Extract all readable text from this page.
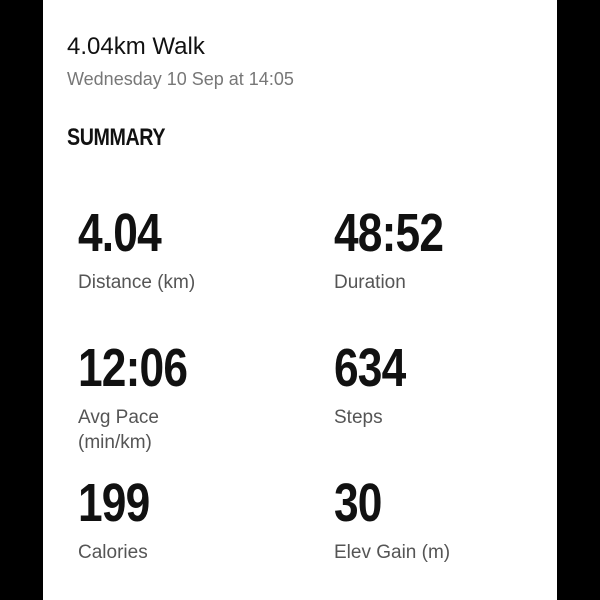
4.04km Walk
Wednesday 10 Sep at 14:05
SUMMARY
4.04
Distance (km)
48:52
Duration
12:06
Avg Pace (min/km)
634
Steps
199
Calories
30
Elev Gain (m)
